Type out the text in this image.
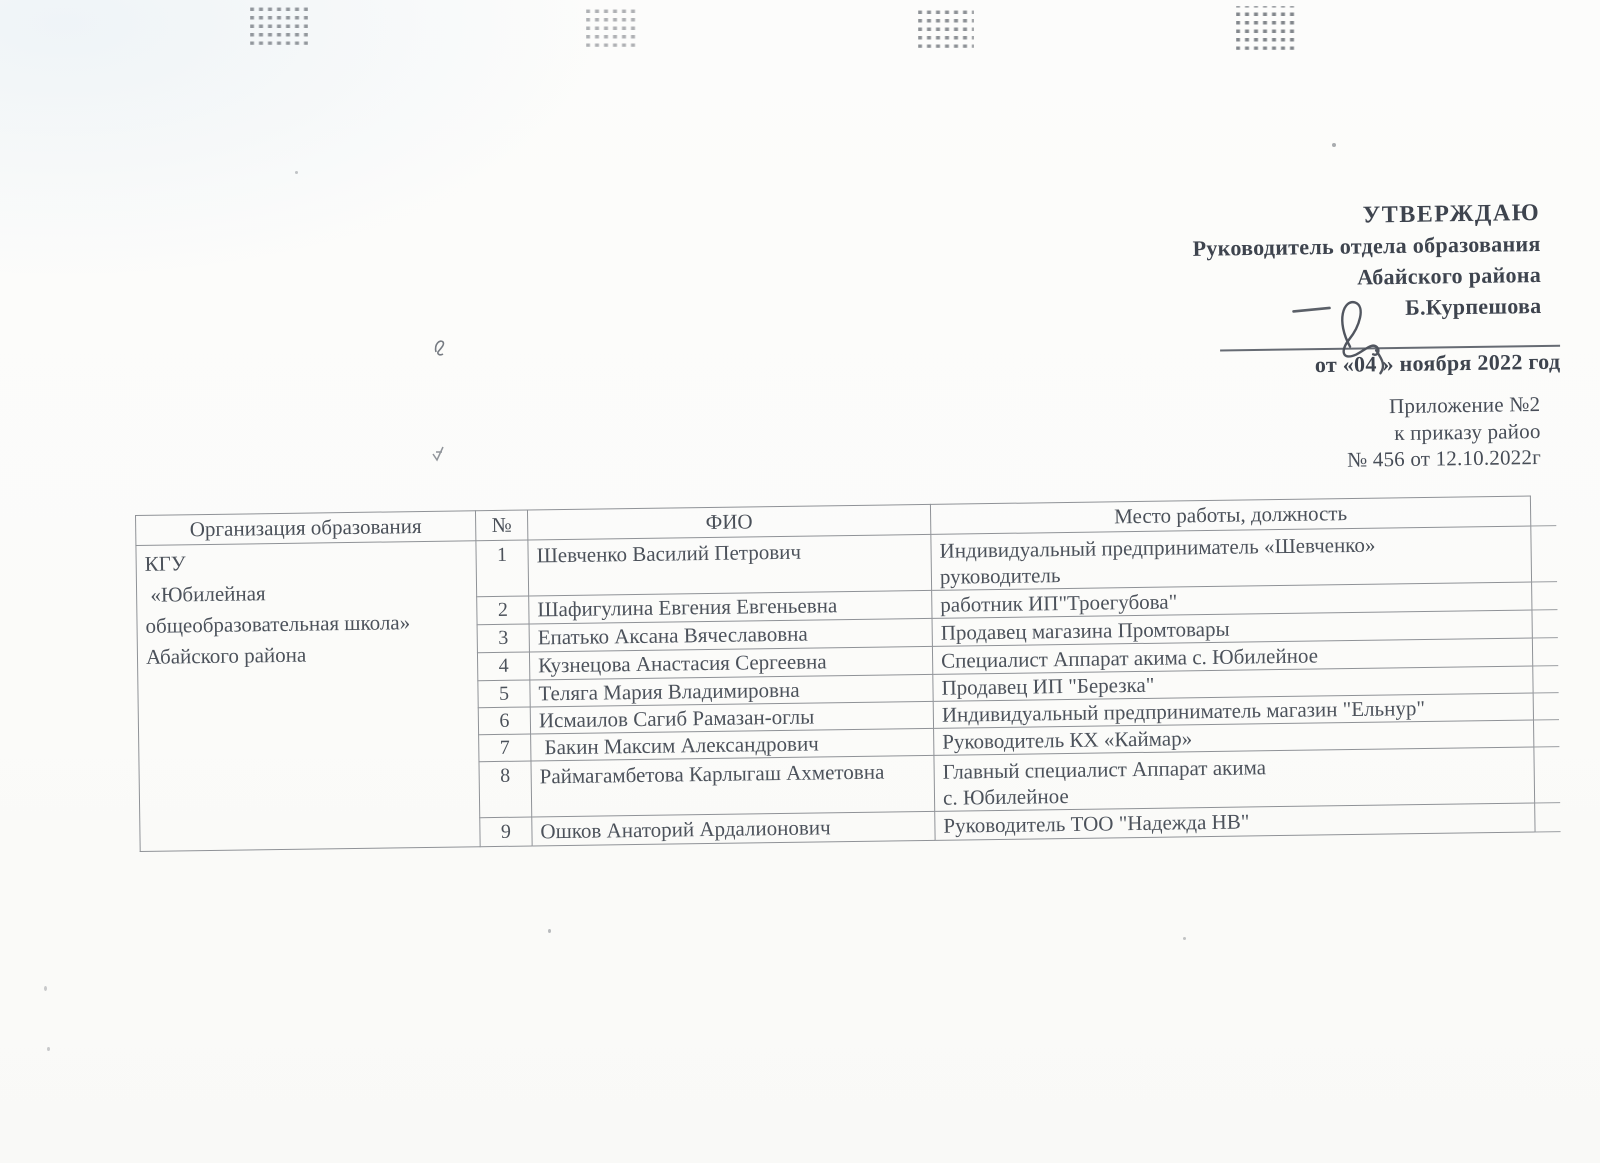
УТВЕРЖДАЮ
Руководитель отдела образования
Абайского района
Б.Курпешова
от «04 » ноября 2022 год
Приложение №2
к приказу райоо
№ 456 от 12.10.2022г
Организация образования	№	ФИО	Место работы, должность
КГУ
«Юбилейная
общеобразовательная школа»
Абайского района	1	Шевченко Василий Петрович	Индивидуальный предприниматель «Шевченко»
руководитель
	2	Шафигулина Евгения Евгеньевна	работник ИП"Троегубова"
	3	Епатько Аксана Вячеславовна	Продавец магазина Промтовары
	4	Кузнецова Анастасия Сергеевна	Специалист Аппарат акима с. Юбилейное
	5	Теляга Мария Владимировна	Продавец ИП "Березка"
	6	Исмаилов Сагиб Рамазан-оглы	Индивидуальный предприниматель магазин "Ельнур"
	7	Бакин Максим Александрович	Руководитель КХ «Каймар»
	8	Раймагамбетова Карлыгаш Ахметовна	Главный специалист Аппарат акима
с. Юбилейное
	9	Ошков Анаторий Ардалионович	Руководитель ТОО "Надежда НВ"
